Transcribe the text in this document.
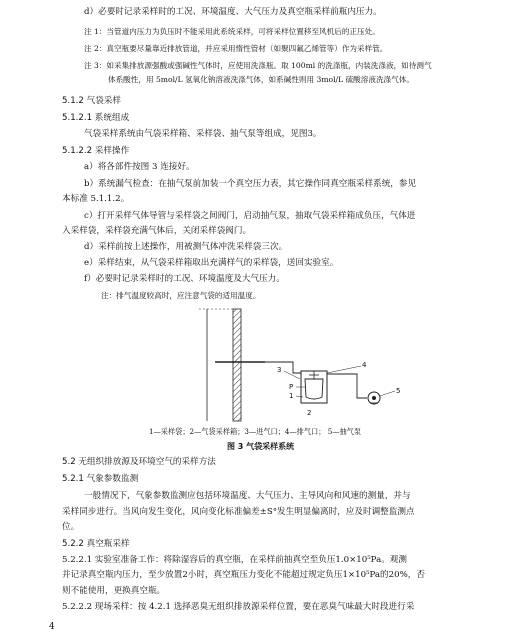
d）必要时记录采样时的工况、环境温度、大气压力及真空瓶采样前瓶内压力。
注 1：当管道内压力为负压时不能采用此系统采样，可将采样位置移至风机后的正压处。
注 2：真空瓶要尽量靠近排放管道，并应采用惰性管材（如聚四氟乙烯管等）作为采样管。
注 3：如采集排放源强酸或强碱性气体时，应使用洗涤瓶。取 100ml 的洗涤瓶，内装洗涤液，如待测气
体系酸性，用 5mol/L 氢氧化钠溶液洗涤气体，如系碱性则用 3mol/L 硫酸溶液洗涤气体。
5.1.2 气袋采样
5.1.2.1 系统组成
气袋采样系统由气袋采样箱、采样袋、抽气泵等组成，见图3。
5.1.2.2 采样操作
a）将各部件按图 3 连接好。
b）系统漏气检查：在抽气泵前加装一个真空压力表，其它操作同真空瓶采样系统，参见
本标准 5.1.1.2。
c）打开采样气体导管与采样袋之间阀门，启动抽气泵，抽取气袋采样箱成负压，气体进
入采样袋，采样袋充满气体后，关闭采样袋阀门。
d）采样前按上述操作，用被测气体冲洗采样袋三次。
e）采样结束，从气袋采样箱取出充满样气的采样袋，送回实验室。
f）必要时记录采样时的工况、环境温度及大气压力。
注：排气温度较高时，应注意气袋的适用温度。
3
P
1
2
4
5
1—采样袋；2—气袋采样箱；3—进气口；4—排气口； 5—抽气泵
图 3 气袋采样系统
5.2 无组织排放源及环境空气的采样方法
5.2.1 气象参数监测
一般情况下，气象参数监测应包括环境温度、大气压力、主导风向和风速的测量，并与
采样同步进行。当风向发生变化，风向变化标准偏差±S°发生明显偏离时，应及时调整监测点
位。
5.2.2 真空瓶采样
5.2.2.1 实验室准备工作：将除湿容后的真空瓶，在采样前抽真空至负压1.0×10⁵Pa。观测
并记录真空瓶内压力，至少放置2小时，真空瓶压力变化不能超过规定负压1×10⁵Pa的20%，否
则不能使用，更换真空瓶。
5.2.2.2 现场采样：按 4.2.1 选择恶臭无组织排放源采样位置，要在恶臭气味最大时段进行采
4
